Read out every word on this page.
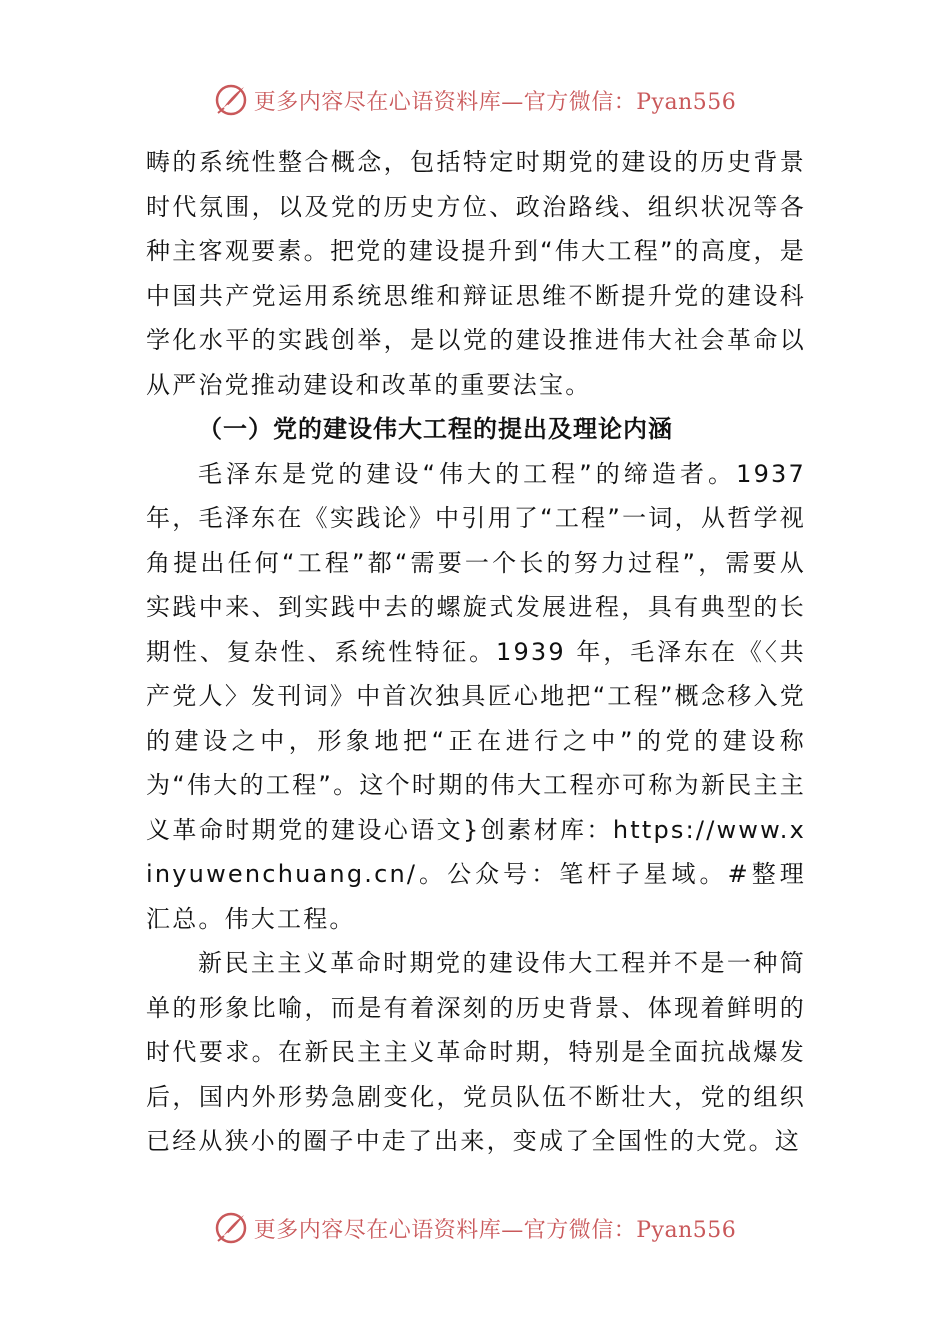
更多内容尽在心语资料库—官方微信：Pyan556

畴的系统性整合概念，包括特定时期党的建设的历史背景时代氛围，以及党的历史方位、政治路线、组织状况等各种主客观要素。把党的建设提升到“伟大工程”的高度，是中国共产党运用系统思维和辩证思维不断提升党的建设科学化水平的实践创举，是以党的建设推进伟大社会革命以从严治党推动建设和改革的重要法宝。

（一）党的建设伟大工程的提出及理论内涵

毛泽东是党的建设“伟大的工程”的缔造者。1937 年，毛泽东在《实践论》中引用了“工程”一词，从哲学视角提出任何“工程”都“需要一个长的努力过程”，需要从实践中来、到实践中去的螺旋式发展进程，具有典型的长期性、复杂性、系统性特征。1939 年，毛泽东在《〈共产党人〉发刊词》中首次独具匠心地把“工程”概念移入党的建设之中，形象地把“正在进行之中”的党的建设称为“伟大的工程”。这个时期的伟大工程亦可称为新民主主义革命时期党的建设心语文}创素材库：https://www.xinyuwenchuang.cn/。公众号：笔杆子星域。#整理汇总。伟大工程。

新民主主义革命时期党的建设伟大工程并不是一种简单的形象比喻，而是有着深刻的历史背景、体现着鲜明的时代要求。在新民主主义革命时期，特别是全面抗战爆发后，国内外形势急剧变化，党员队伍不断壮大，党的组织已经从狭小的圈子中走了出来，变成了全国性的大党。这

更多内容尽在心语资料库—官方微信：Pyan556
